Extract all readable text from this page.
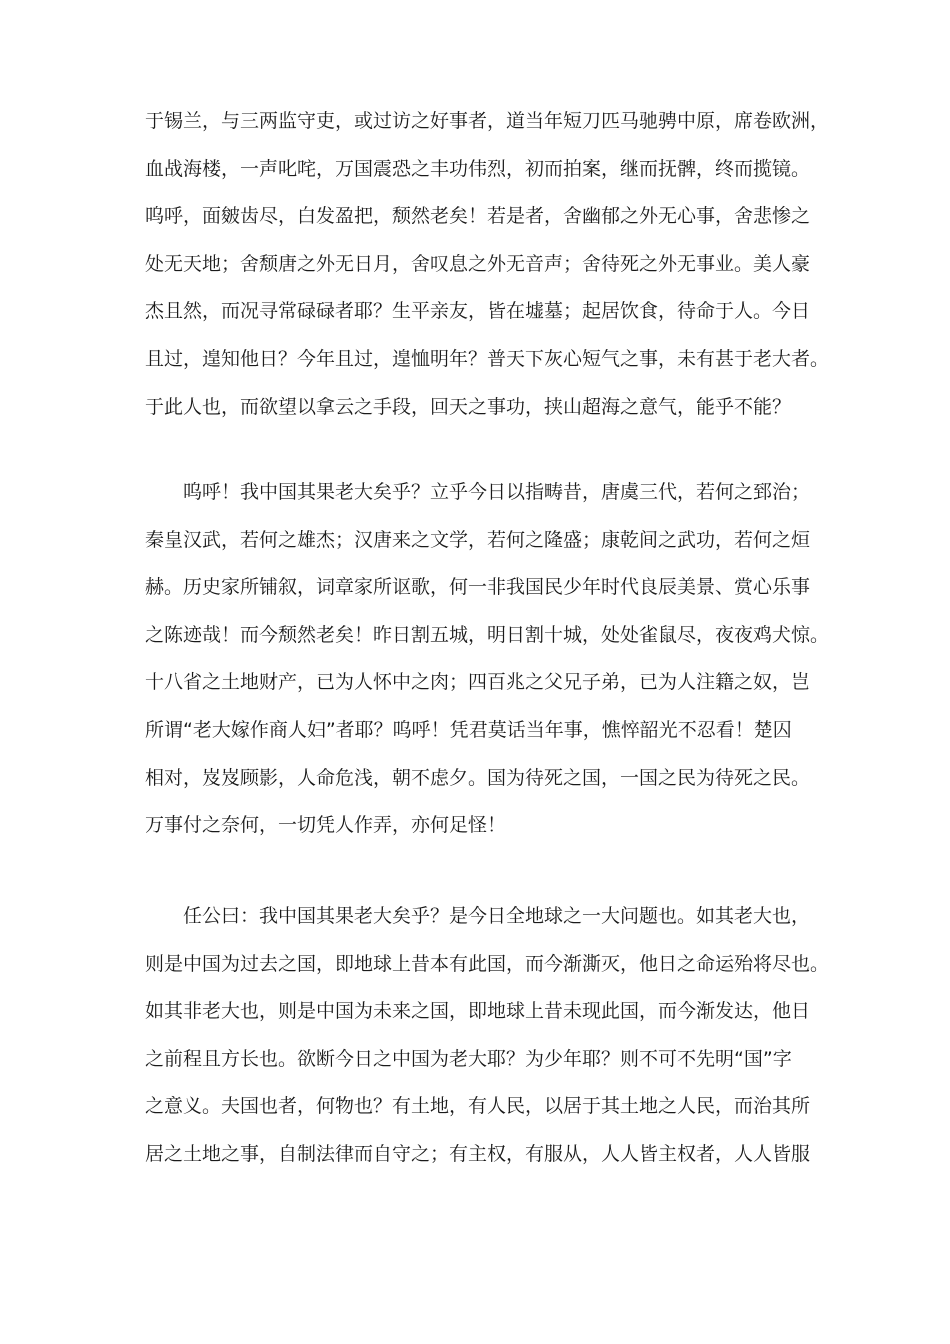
于锡兰，与三两监守吏，或过访之好事者，道当年短刀匹马驰骋中原，席卷欧洲，
血战海楼，一声叱咤，万国震恐之丰功伟烈，初而拍案，继而抚髀，终而揽镜。
呜呼，面皴齿尽，白发盈把，颓然老矣！若是者，舍幽郁之外无心事，舍悲惨之
处无天地；舍颓唐之外无日月，舍叹息之外无音声；舍待死之外无事业。美人豪
杰且然，而况寻常碌碌者耶？生平亲友，皆在墟墓；起居饮食，待命于人。今日
且过，遑知他日？今年且过，遑恤明年？普天下灰心短气之事，未有甚于老大者。
于此人也，而欲望以拿云之手段，回天之事功，挟山超海之意气，能乎不能？
呜呼！我中国其果老大矣乎？立乎今日以指畴昔，唐虞三代，若何之郅治；
秦皇汉武，若何之雄杰；汉唐来之文学，若何之隆盛；康乾间之武功，若何之烜
赫。历史家所铺叙，词章家所讴歌，何一非我国民少年时代良辰美景、赏心乐事
之陈迹哉！而今颓然老矣！昨日割五城，明日割十城，处处雀鼠尽，夜夜鸡犬惊。
十八省之土地财产，已为人怀中之肉；四百兆之父兄子弟，已为人注籍之奴，岂
所谓“老大嫁作商人妇”者耶？呜呼！凭君莫话当年事，憔悴韶光不忍看！楚囚
相对，岌岌顾影，人命危浅，朝不虑夕。国为待死之国，一国之民为待死之民。
万事付之奈何，一切凭人作弄，亦何足怪！
任公曰：我中国其果老大矣乎？是今日全地球之一大问题也。如其老大也，
则是中国为过去之国，即地球上昔本有此国，而今渐澌灭，他日之命运殆将尽也。
如其非老大也，则是中国为未来之国，即地球上昔未现此国，而今渐发达，他日
之前程且方长也。欲断今日之中国为老大耶？为少年耶？则不可不先明“国”字
之意义。夫国也者，何物也？有土地，有人民，以居于其土地之人民，而治其所
居之土地之事，自制法律而自守之；有主权，有服从，人人皆主权者，人人皆服
